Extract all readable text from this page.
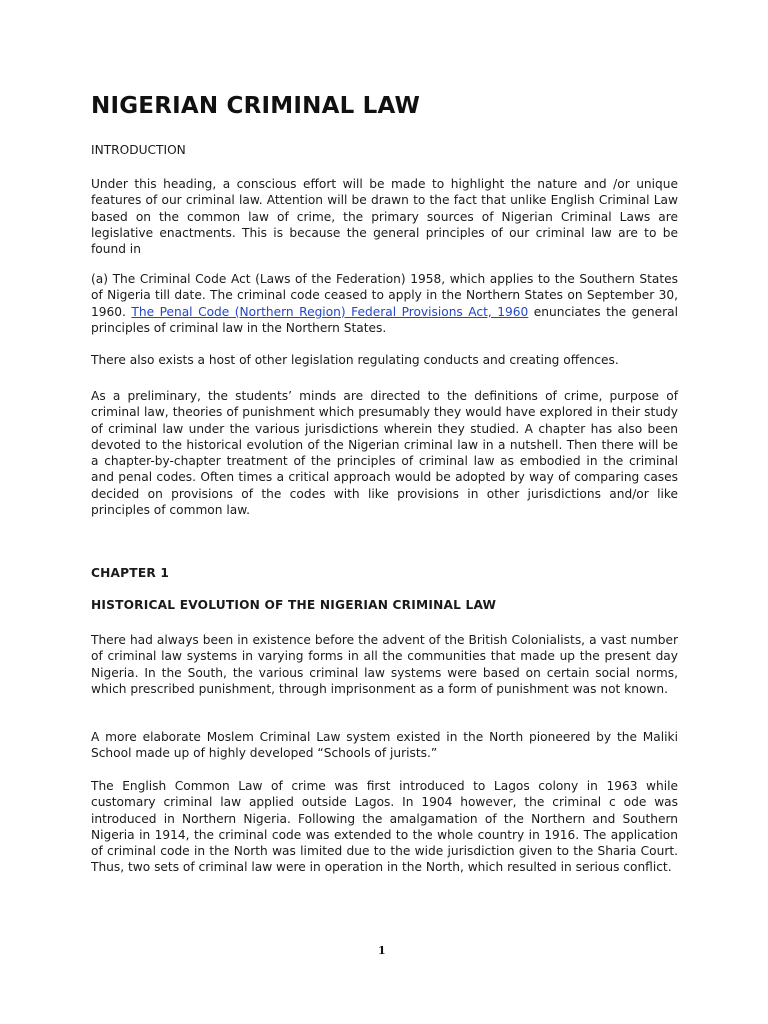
NIGERIAN CRIMINAL LAW

INTRODUCTION

Under this heading, a conscious effort will be made to highlight the nature and /or unique features of our criminal law. Attention will be drawn to the fact that unlike English Criminal Law based on the common law of crime, the primary sources of Nigerian Criminal Laws are legislative enactments. This is because the general principles of our criminal law are to be found in

(a) The Criminal Code Act (Laws of the Federation) 1958, which applies to the Southern States of Nigeria till date. The criminal code ceased to apply in the Northern States on September 30, 1960. The Penal Code (Northern Region) Federal Provisions Act, 1960 enunciates the general principles of criminal law in the Northern States.

There also exists a host of other legislation regulating conducts and creating offences.

As a preliminary, the students’ minds are directed to the definitions of crime, purpose of criminal law, theories of punishment which presumably they would have explored in their study of criminal law under the various jurisdictions wherein they studied. A chapter has also been devoted to the historical evolution of the Nigerian criminal law in a nutshell. Then there will be a chapter-by-chapter treatment of the principles of criminal law as embodied in the criminal and penal codes. Often times a critical approach would be adopted by way of comparing cases decided on provisions of the codes with like provisions in other jurisdictions and/or like principles of common law.

CHAPTER 1

HISTORICAL EVOLUTION OF THE NIGERIAN CRIMINAL LAW

There had always been in existence before the advent of the British Colonialists, a vast number of criminal law systems in varying forms in all the communities that made up the present day Nigeria. In the South, the various criminal law systems were based on certain social norms, which prescribed punishment, through imprisonment as a form of punishment was not known.

A more elaborate Moslem Criminal Law system existed in the North pioneered by the Maliki School made up of highly developed “Schools of jurists.”

The English Common Law of crime was first introduced to Lagos colony in 1963 while customary criminal law applied outside Lagos. In 1904 however, the criminal c ode was introduced in Northern Nigeria. Following the amalgamation of the Northern and Southern Nigeria in 1914, the criminal code was extended to the whole country in 1916. The application of criminal code in the North was limited due to the wide jurisdiction given to the Sharia Court. Thus, two sets of criminal law were in operation in the North, which resulted in serious conflict.

1
